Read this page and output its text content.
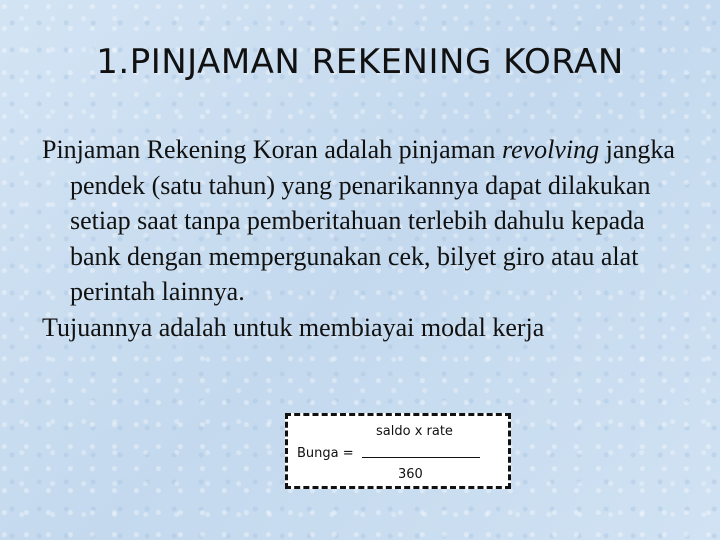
1.PINJAMAN REKENING KORAN

Pinjaman Rekening Koran adalah pinjaman revolving jangka pendek (satu tahun) yang penarikannya dapat dilakukan setiap saat tanpa pemberitahuan terlebih dahulu kepada bank dengan mempergunakan cek, bilyet giro atau alat perintah lainnya.

Tujuannya adalah untuk membiayai modal kerja

Bunga =
saldo x rate
360
